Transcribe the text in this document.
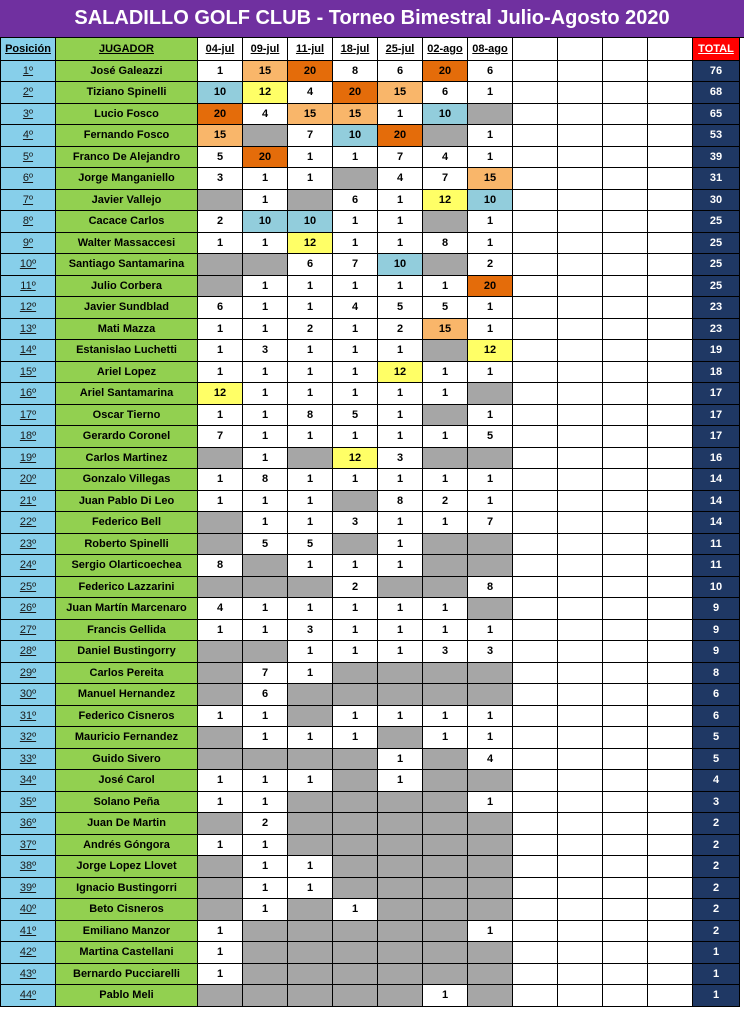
SALADILLO GOLF CLUB - Torneo Bimestral Julio-Agosto 2020
Posición	JUGADOR	04-jul	09-jul	11-jul	18-jul	25-jul	02-ago	08-ago					TOTAL
1º	José Galeazzi	1	15	20	8	6	20	6					76
2º	Tiziano Spinelli	10	12	4	20	15	6	1					68
3º	Lucio Fosco	20	4	15	15	1	10						65
4º	Fernando Fosco	15		7	10	20		1					53
5º	Franco De Alejandro	5	20	1	1	7	4	1					39
6º	Jorge Manganiello	3	1	1		4	7	15					31
7º	Javier Vallejo		1		6	1	12	10					30
8º	Cacace Carlos	2	10	10	1	1		1					25
9º	Walter Massaccesi	1	1	12	1	1	8	1					25
10º	Santiago Santamarina			6	7	10		2					25
11º	Julio Corbera		1	1	1	1	1	20					25
12º	Javier Sundblad	6	1	1	4	5	5	1					23
13º	Mati Mazza	1	1	2	1	2	15	1					23
14º	Estanislao Luchetti	1	3	1	1	1		12					19
15º	Ariel Lopez	1	1	1	1	12	1	1					18
16º	Ariel Santamarina	12	1	1	1	1	1						17
17º	Oscar Tierno	1	1	8	5	1		1					17
18º	Gerardo Coronel	7	1	1	1	1	1	5					17
19º	Carlos Martinez		1		12	3							16
20º	Gonzalo Villegas	1	8	1	1	1	1	1					14
21º	Juan Pablo Di Leo	1	1	1		8	2	1					14
22º	Federico Bell		1	1	3	1	1	7					14
23º	Roberto Spinelli		5	5		1							11
24º	Sergio Olarticoechea	8		1	1	1							11
25º	Federico Lazzarini				2			8					10
26º	Juan Martín Marcenaro	4	1	1	1	1	1						9
27º	Francis Gellida	1	1	3	1	1	1	1					9
28º	Daniel Bustingorry			1	1	1	3	3					9
29º	Carlos Pereita		7	1									8
30º	Manuel Hernandez		6										6
31º	Federico Cisneros	1	1		1	1	1	1					6
32º	Mauricio Fernandez		1	1	1		1	1					5
33º	Guido Sivero					1		4					5
34º	José Carol	1	1	1		1							4
35º	Solano Peña	1	1					1					3
36º	Juan De Martin		2										2
37º	Andrés Góngora	1	1										2
38º	Jorge Lopez Llovet		1	1									2
39º	Ignacio Bustingorri		1	1									2
40º	Beto Cisneros		1		1								2
41º	Emiliano Manzor	1						1					2
42º	Martina Castellani	1											1
43º	Bernardo Pucciarelli	1											1
44º	Pablo Meli						1						1
